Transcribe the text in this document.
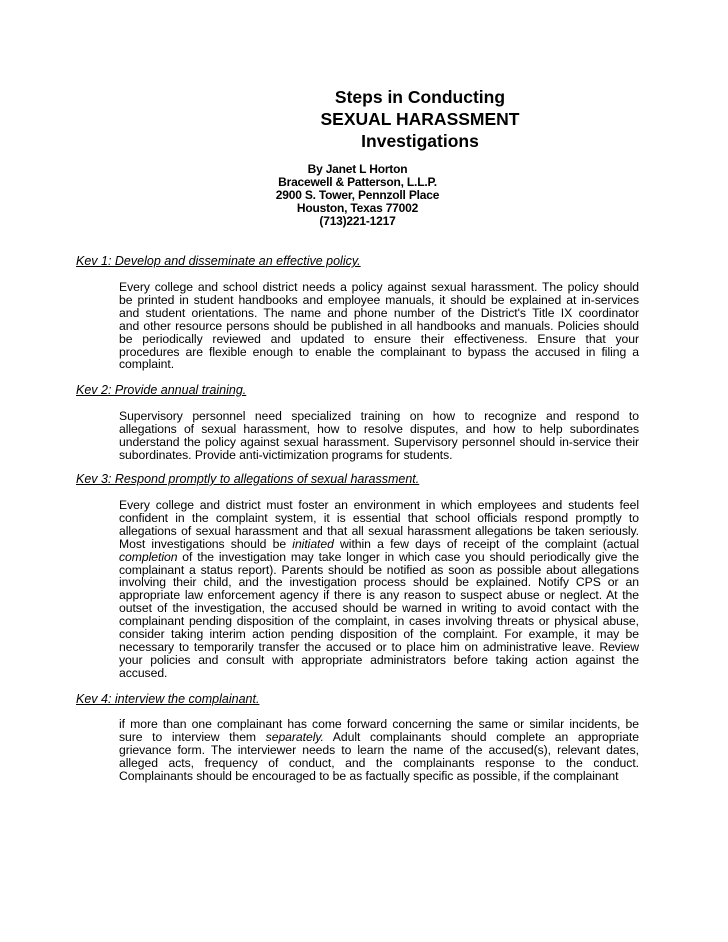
Steps in Conducting
SEXUAL HARASSMENT
Investigations
By Janet L Horton
Bracewell & Patterson, L.L.P.
2900 S. Tower, Pennzoll Place
Houston, Texas 77002
(713)221-1217
Kev 1: Develop and disseminate an effective policy.
Every college and school district needs a policy against sexual harassment. The policy should
be printed in student handbooks and employee manuals, it should be explained at in-services
and student orientations. The name and phone number of the District's Title IX coordinator
and other resource persons should be published in all handbooks and manuals. Policies should
be periodically reviewed and updated to ensure their effectiveness. Ensure that your
procedures are flexible enough to enable the complainant to bypass the accused in filing a
complaint.
Kev 2: Provide annual training.
Supervisory personnel need specialized training on how to recognize and respond to
allegations of sexual harassment, how to resolve disputes, and how to help subordinates
understand the policy against sexual harassment. Supervisory personnel should in-service their
subordinates. Provide anti-victimization programs for students.
Kev 3: Respond promptly to allegations of sexual harassment.
Every college and district must foster an environment in which employees and students feel
confident in the complaint system, it is essential that school officials respond promptly to
allegations of sexual harassment and that all sexual harassment allegations be taken seriously.
Most investigations should be initiated within a few days of receipt of the complaint (actual
completion of the investigation may take longer in which case you should periodically give the
complainant a status report). Parents should be notified as soon as possible about allegations
involving their child, and the investigation process should be explained. Notify CPS or an
appropriate law enforcement agency if there is any reason to suspect abuse or neglect. At the
outset of the investigation, the accused should be warned in writing to avoid contact with the
complainant pending disposition of the complaint, in cases involving threats or physical abuse,
consider taking interim action pending disposition of the complaint. For example, it may be
necessary to temporarily transfer the accused or to place him on administrative leave. Review
your policies and consult with appropriate administrators before taking action against the
accused.
Kev 4: interview the complainant.
if more than one complainant has come forward concerning the same or similar incidents, be
sure to interview them separately. Adult complainants should complete an appropriate
grievance form. The interviewer needs to learn the name of the accused(s), relevant dates,
alleged acts, frequency of conduct, and the complainants response to the conduct.
Complainants should be encouraged to be as factually specific as possible, if the complainant
